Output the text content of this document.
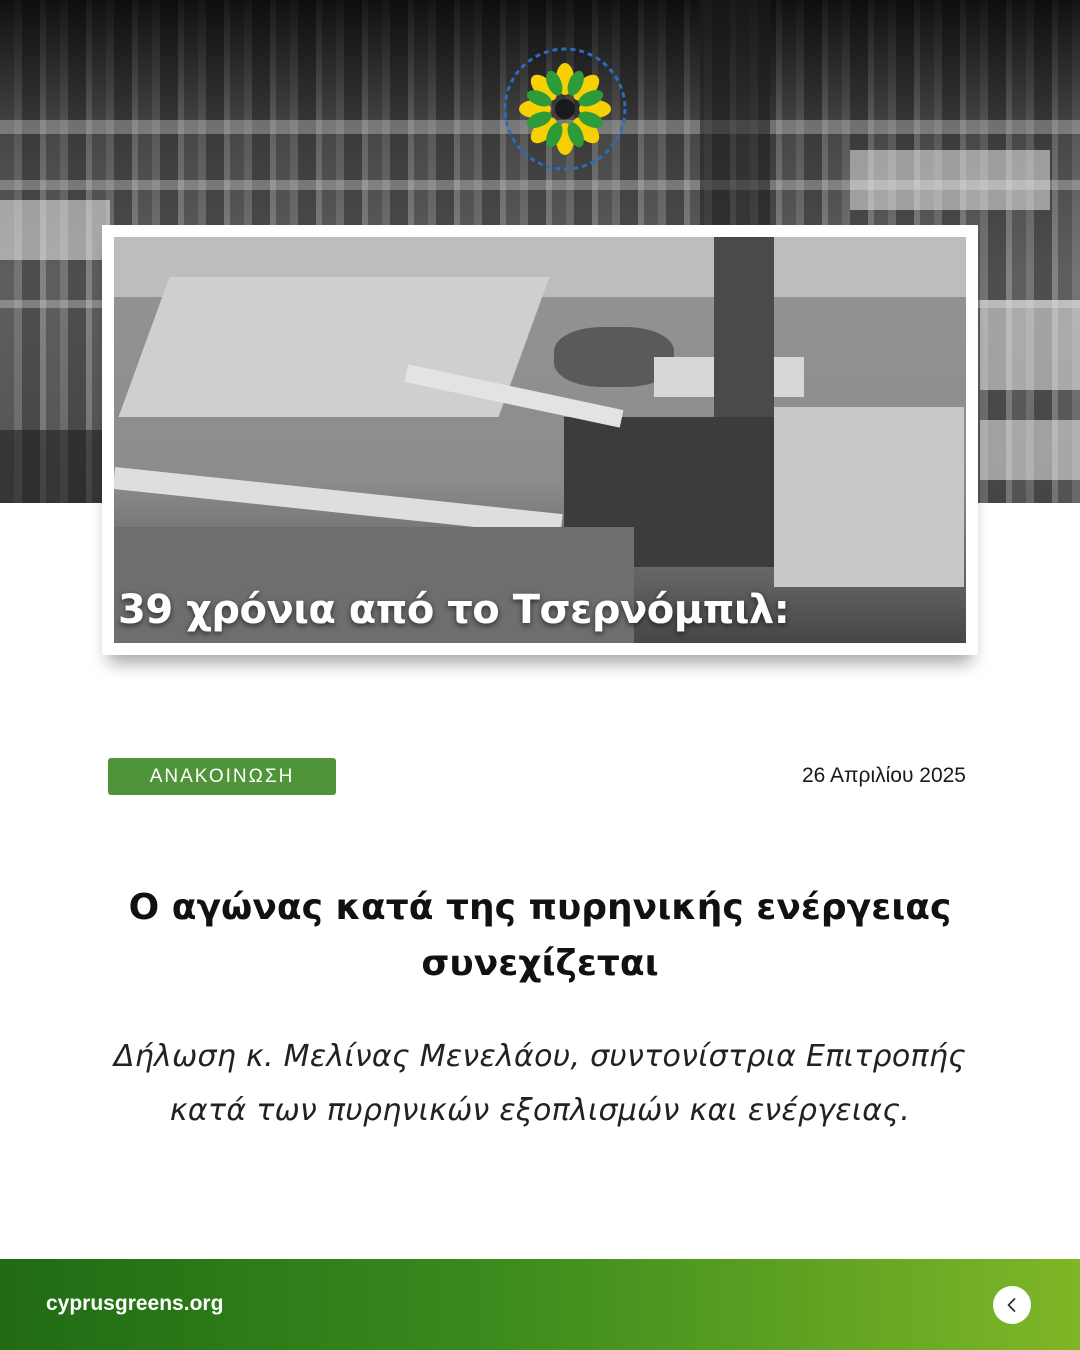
39 χρόνια από το Τσερνόμπιλ:
ΑΝΑΚΟΙΝΩΣΗ	26 Απριλίου 2025
Ο αγώνας κατά της πυρηνικής ενέργειας
συνεχίζεται

Δήλωση κ. Μελίνας Μενελάου, συντονίστρια Επιτροπής
κατά των πυρηνικών εξοπλισμών και ενέργειας.

cyprusgreens.org
